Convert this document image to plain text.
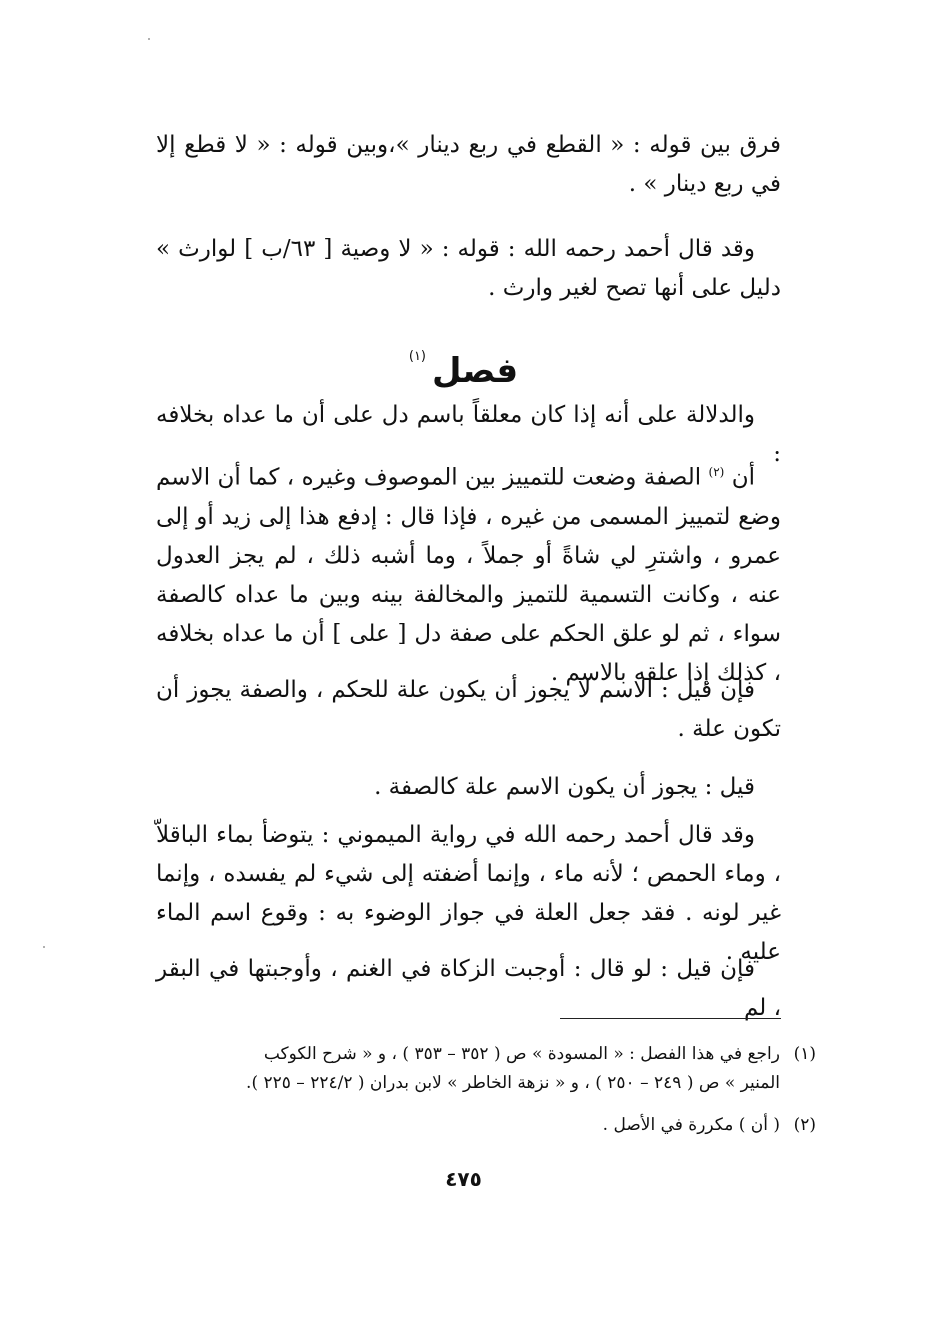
فرق بين قوله : « القطع في ربع دينار »،وبين قوله : « لا قطع إلا في ربع دينار » .

وقد قال أحمد رحمه الله : قوله : « لا وصية [ ٦٣/ب ] لوارث » دليل على أنها تصح لغير وارث .

فصل$^{(١)}$

والدلالة على أنه إذا كان معلقاً باسم دل على أن ما عداه بخلافه :

أن $^{(٢)}$ الصفة وضعت للتمييز بين الموصوف وغيره ، كما أن الاسم وضع لتمييز المسمى من غيره ، فإذا قال : إدفع هذا إلى زيد أو إلى عمرو ، واشترِ لي شاةً أو جملاً ، وما أشبه ذلك ، لم يجز العدول عنه ، وكانت التسمية للتميز والمخالفة بينه وبين ما عداه كالصفة سواء ، ثم لو علق الحكم على صفة دل [ على ] أن ما عداه بخلافه ، كذلك إذا علقه بالاسم .

فإن قيل : الاسم لا يجوز أن يكون علة للحكم ، والصفة يجوز أن تكون علة .

قيل : يجوز أن يكون الاسم علة كالصفة .

وقد قال أحمد رحمه الله في رواية الميموني : يتوضأ بماء الباقلاّ ، وماء الحمص ؛ لأنه ماء ، وإنما أضفته إلى شيء لم يفسده ، وإنما غير لونه . فقد جعل العلة في جواز الوضوء به : وقوع اسم الماء عليه .

فإن قيل : لو قال : أوجبت الزكاة في الغنم ، وأوجبتها في البقر ، لم

(١)راجع في هذا الفصل : « المسودة » ص ( ٣٥٢ – ٣٥٣ ) ، و « شرح الكوكب
المنير » ص ( ٢٤٩ – ٢٥٠ ) ، و « نزهة الخاطر » لابن بدران ( ٢٢٤/٢ – ٢٢٥ ).
(٢)( أن ) مكررة في الأصل .
٤٧٥
